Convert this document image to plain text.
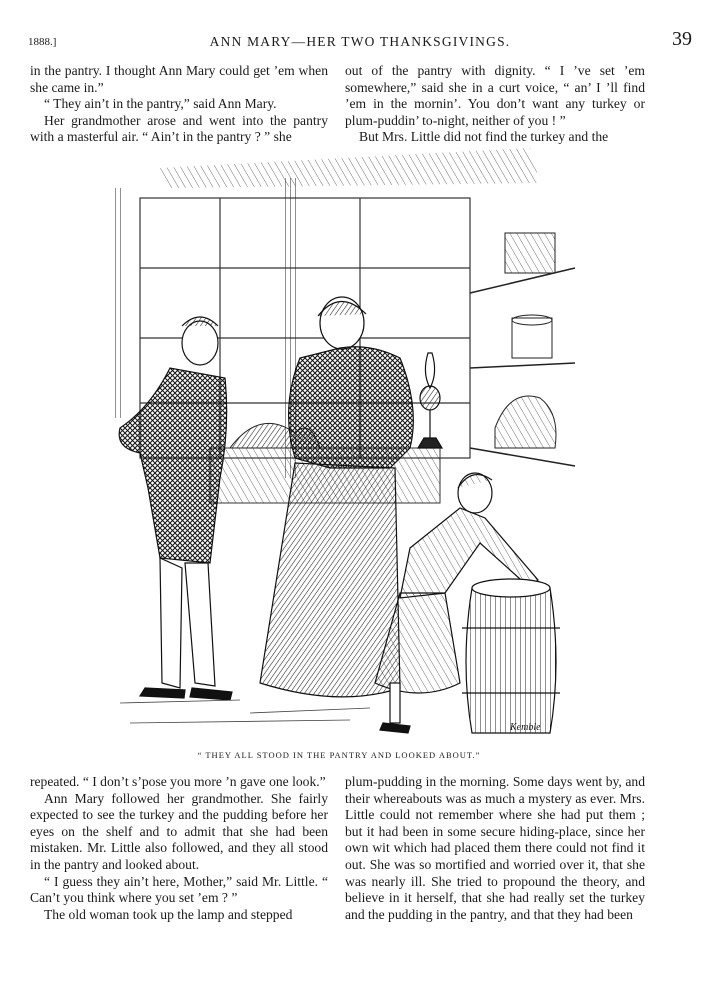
1888.]	ANN MARY—HER TWO THANKSGIVINGS.	39

in the pantry. I thought Ann Mary could get ’em when she came in.”

“ They ain’t in the pantry,” said Ann Mary.

Her grandmother arose and went into the pantry with a masterful air. “ Ain’t in the pantry ? ” she

out of the pantry with dignity. “ I ’ve set ’em somewhere,” said she in a curt voice, “ an’ I ’ll find ’em in the mornin’. You don’t want any turkey or plum-puddin’ to-night, neither of you ! ”

But Mrs. Little did not find the turkey and the

Kemble
“ THEY ALL STOOD IN THE PANTRY AND LOOKED ABOUT.”

repeated. “ I don’t s’pose you more ’n gave one look.”

Ann Mary followed her grandmother. She fairly expected to see the turkey and the pudding before her eyes on the shelf and to admit that she had been mistaken. Mr. Little also followed, and they all stood in the pantry and looked about.

“ I guess they ain’t here, Mother,” said Mr. Little. “ Can’t you think where you set ’em ? ”

The old woman took up the lamp and stepped

plum-pudding in the morning. Some days went by, and their whereabouts was as much a mystery as ever. Mrs. Little could not remember where she had put them ; but it had been in some secure hiding-place, since her own wit which had placed them there could not find it out. She was so mortified and worried over it, that she was nearly ill. She tried to propound the theory, and believe in it herself, that she had really set the turkey and the pudding in the pantry, and that they had been
